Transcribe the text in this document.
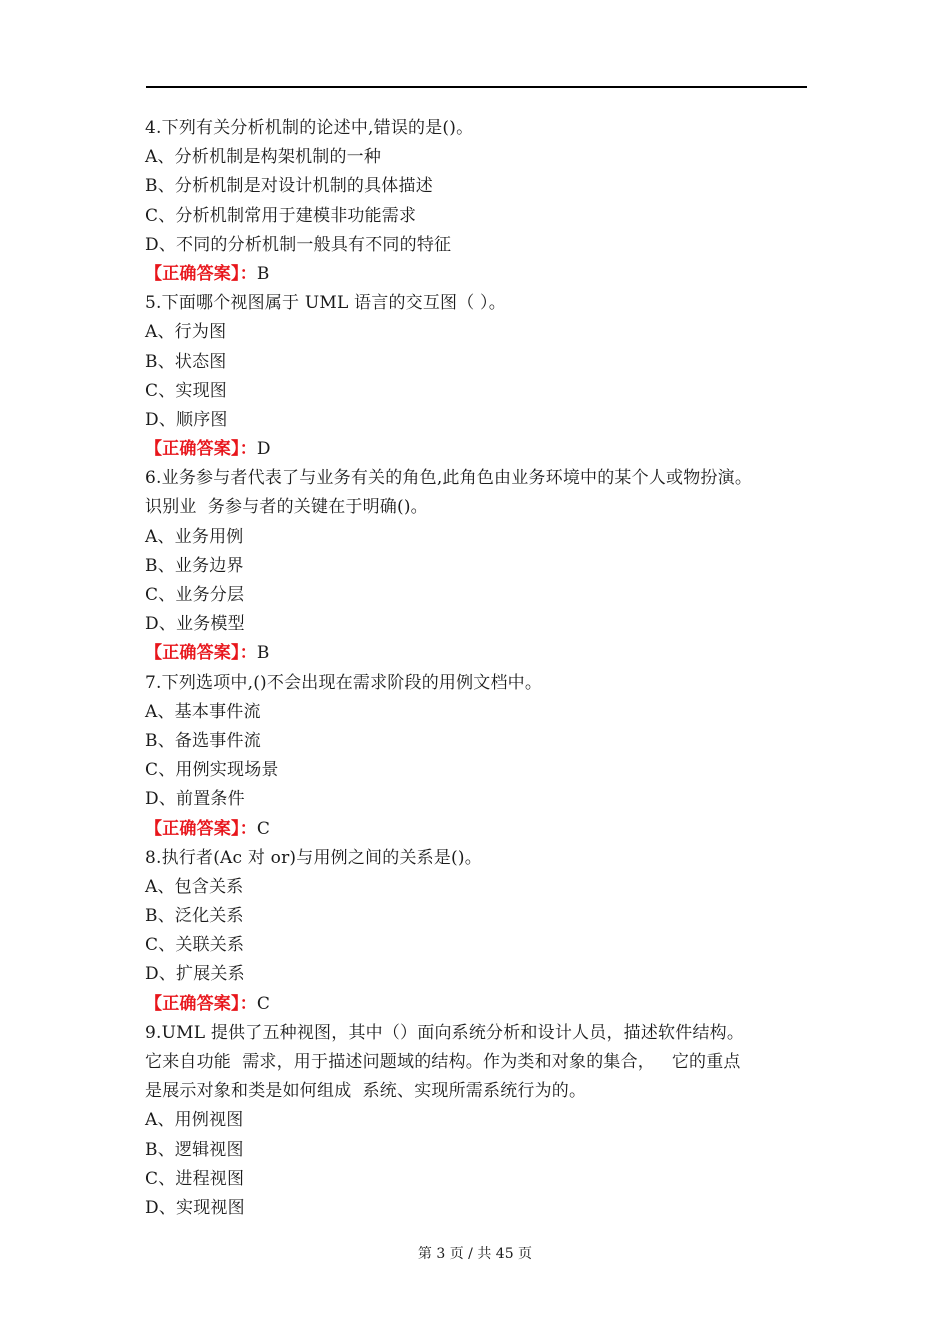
4.下列有关分析机制的论述中,错误的是()。
A、分析机制是构架机制的一种
B、分析机制是对设计机制的具体描述
C、分析机制常用于建模非功能需求
D、不同的分析机制一般具有不同的特征
【正确答案】：B
5.下面哪个视图属于 UML 语言的交互图（ ）。
A、行为图
B、状态图
C、实现图
D、顺序图
【正确答案】：D
6.业务参与者代表了与业务有关的角色,此角色由业务环境中的某个人或物扮演。
识别业  务参与者的关键在于明确()。
A、业务用例
B、业务边界
C、业务分层
D、业务模型
【正确答案】：B
7.下列选项中,()不会出现在需求阶段的用例文档中。
A、基本事件流
B、备选事件流
C、用例实现场景
D、前置条件
【正确答案】：C
8.执行者(Ac 对 or)与用例之间的关系是()。
A、包含关系
B、泛化关系
C、关联关系
D、扩展关系
【正确答案】：C
9.UML 提供了五种视图，其中（）面向系统分析和设计人员，描述软件结构。
它来自功能  需求，用于描述问题域的结构。作为类和对象的集合，   它的重点
是展示对象和类是如何组成  系统、实现所需系统行为的。
A、用例视图
B、逻辑视图
C、进程视图
D、实现视图
第 3 页 / 共 45 页
